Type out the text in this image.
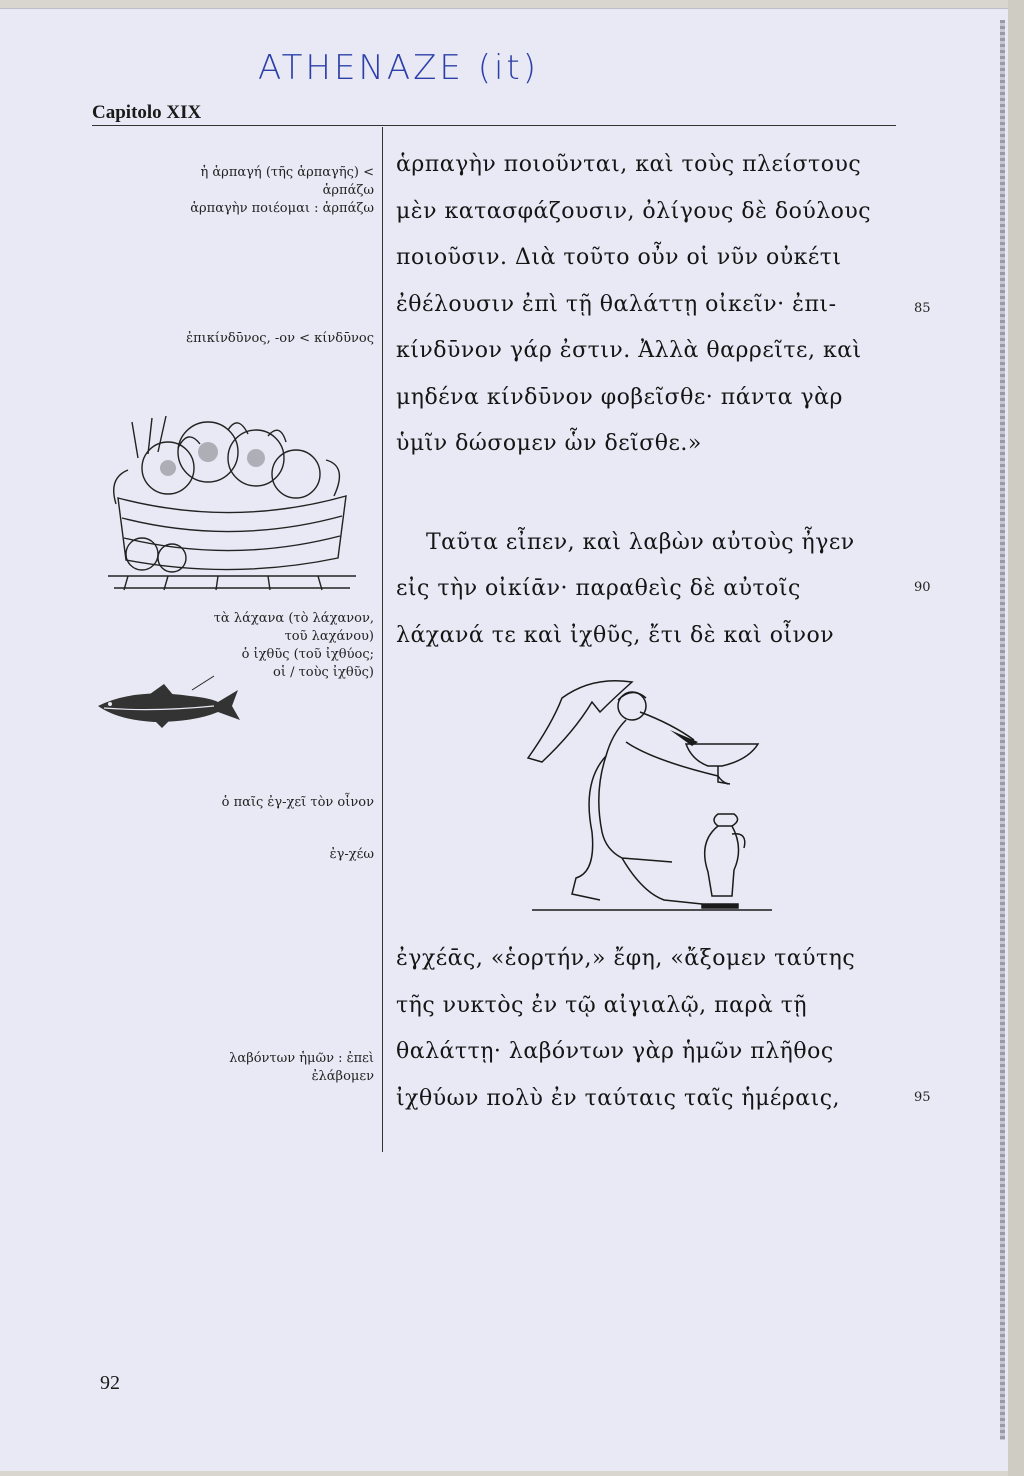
ATHENAZE (it)
Capitolo XIX
ἡ ἁρπαγή (τῆς ἁρπαγῆς) <
ἁρπάζω
ἁρπαγὴν ποιέομαι : ἁρπάζω
ἐπικίνδῡνος, -ον < κίνδῡνος
τὰ λάχανα (τὸ λάχανον,
τοῦ λαχάνου)
ὁ ἰχθῦς (τοῦ ἰχθύος;
οἱ / τοὺς ἰχθῦς)
ὁ παῖς ἐγ-χεῖ τὸν οἶνον
ἐγ-χέω
λαβόντων ἡμῶν : ἐπεὶ
ἐλάβομεν
ἁρπαγὴν ποιοῦνται, καὶ τοὺς πλείστους
μὲν κατασφάζουσιν, ὀλίγους δὲ δούλους
ποιοῦσιν. Διὰ τοῦτο οὖν οἱ νῦν οὐκέτι
ἐθέλουσιν ἐπὶ τῇ θαλάττῃ οἰκεῖν· ἐπι-
κίνδῡνον γάρ ἐστιν. Ἀλλὰ θαρρεῖτε, καὶ
μηδένα κίνδῡνον φοβεῖσθε· πάντα γὰρ
ὑμῖν δώσομεν ὧν δεῖσθε.»
Ταῦτα εἶπεν, καὶ λαβὼν αὐτοὺς ἦγεν
εἰς τὴν οἰκίᾱν· παραθεὶς δὲ αὐτοῖς
λάχανά τε καὶ ἰχθῦς, ἔτι δὲ καὶ οἶνον
ἐγχέᾱς, «ἑορτήν,» ἔφη, «ἄξομεν ταύτης
τῆς νυκτὸς ἐν τῷ αἰγιαλῷ, παρὰ τῇ
θαλάττῃ· λαβόντων γὰρ ἡμῶν πλῆθος
ἰχθύων πολὺ ἐν ταύταις ταῖς ἡμέραις,
85
90
95
92
